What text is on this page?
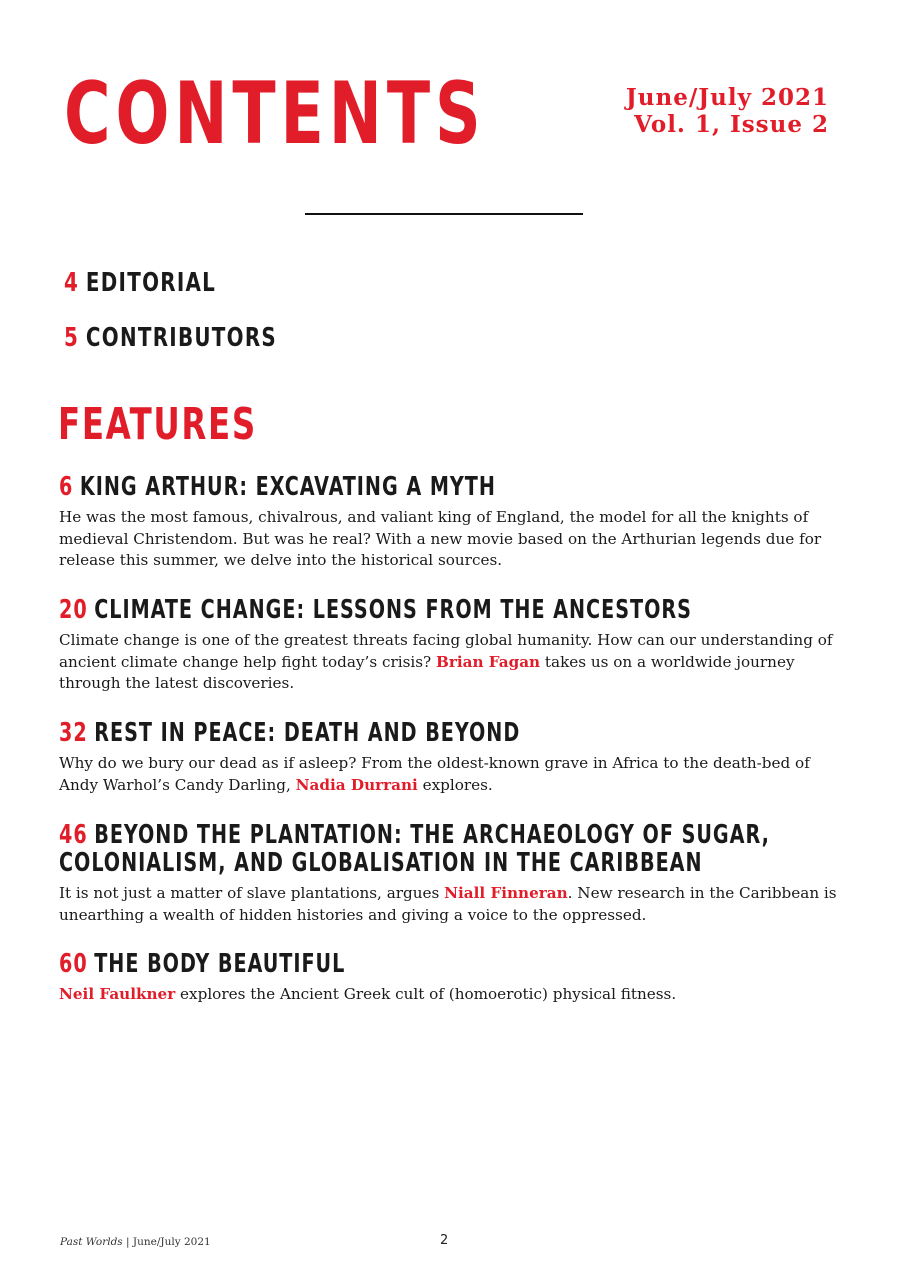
CONTENTS	June/July 2021
Vol. 1, Issue 2
4 EDITORIAL
5 CONTRIBUTORS
FEATURES
6 KING ARTHUR: EXCAVATING A MYTH

He was the most famous, chivalrous, and valiant king of England, the model for all the knights of medieval Christendom. But was he real? With a new movie based on the Arthurian legends due for release this summer, we delve into the historical sources.

20 CLIMATE CHANGE: LESSONS FROM THE ANCESTORS

Climate change is one of the greatest threats facing global humanity. How can our understanding of ancient climate change help fight today’s crisis? Brian Fagan takes us on a worldwide journey through the latest discoveries.

32 REST IN PEACE: DEATH AND BEYOND

Why do we bury our dead as if asleep? From the oldest-known grave in Africa to the death-bed of Andy Warhol’s Candy Darling, Nadia Durrani explores.

46 BEYOND THE PLANTATION: THE ARCHAEOLOGY OF SUGAR, COLONIALISM, AND GLOBALISATION IN THE CARIBBEAN

It is not just a matter of slave plantations, argues Niall Finneran. New research in the Caribbean is unearthing a wealth of hidden histories and giving a voice to the oppressed.

60 THE BODY BEAUTIFUL

Neil Faulkner explores the Ancient Greek cult of (homoerotic) physical fitness.

Past Worlds | June/July 2021	2
